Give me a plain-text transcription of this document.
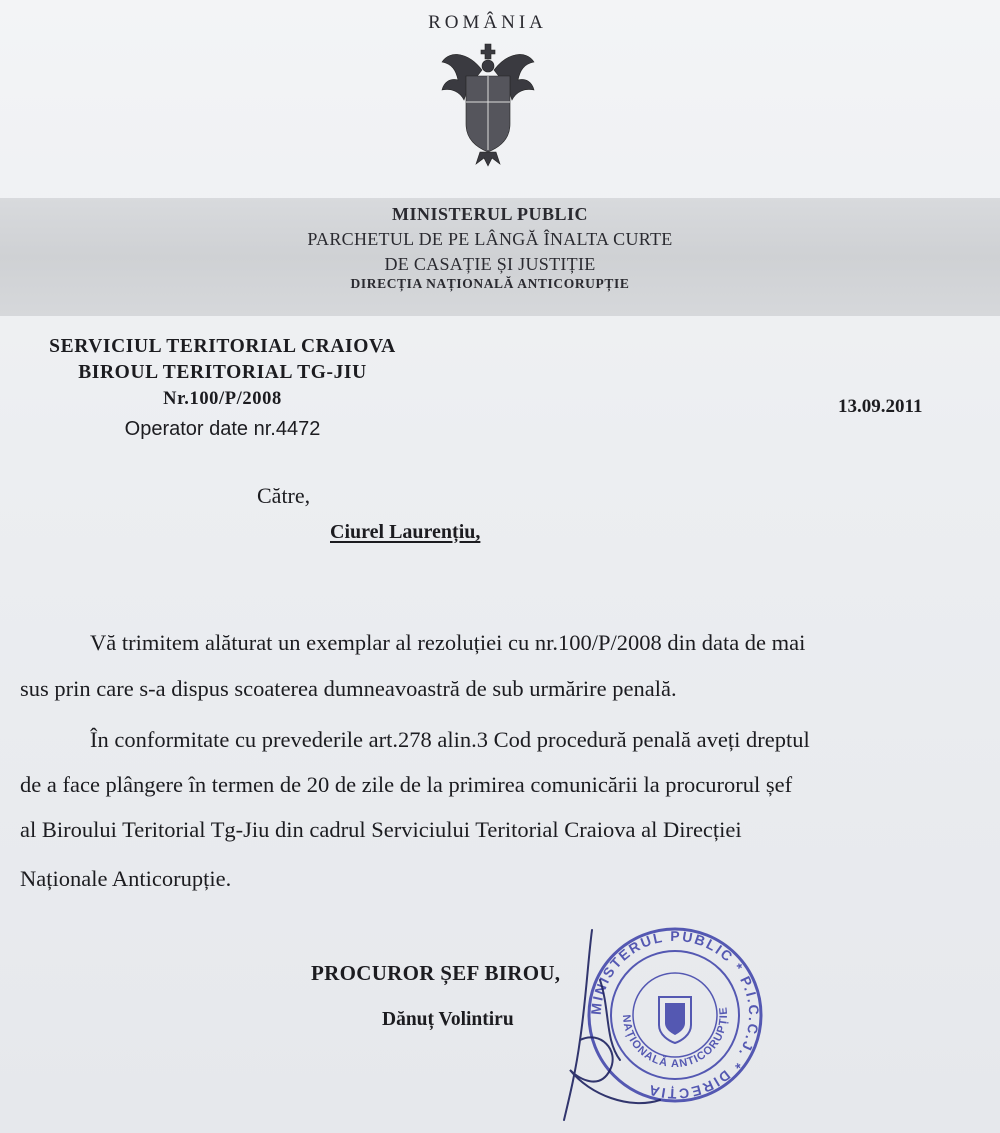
ROMÂNIA
MINISTERUL PUBLIC
PARCHETUL DE PE LÂNGĂ ÎNALTA CURTE
DE CASAȚIE ȘI JUSTIȚIE
DIRECȚIA NAȚIONALĂ ANTICORUPȚIE
SERVICIUL TERITORIAL CRAIOVA
BIROUL TERITORIAL TG-JIU
Nr.100/P/2008
Operator date nr.4472
13.09.2011
Către,
Ciurel Laurențiu,
Vă trimitem alăturat un exemplar al rezoluției cu nr.100/P/2008 din data de mai
sus prin care s-a dispus scoaterea dumneavoastră de sub urmărire penală.
În conformitate cu prevederile art.278 alin.3 Cod procedură penală aveți dreptul
de a face plângere în termen de 20 de zile de la primirea comunicării la procurorul șef
al Biroului Teritorial Tg-Jiu din cadrul Serviciului Teritorial Craiova al Direcției
Naționale Anticorupție.
PROCUROR ȘEF BIROU,
Dănuț Volintiru
MINISTERUL PUBLIC * P.I.C.C.J. * DIRECȚIA
NAȚIONALĂ ANTICORUPȚIE
